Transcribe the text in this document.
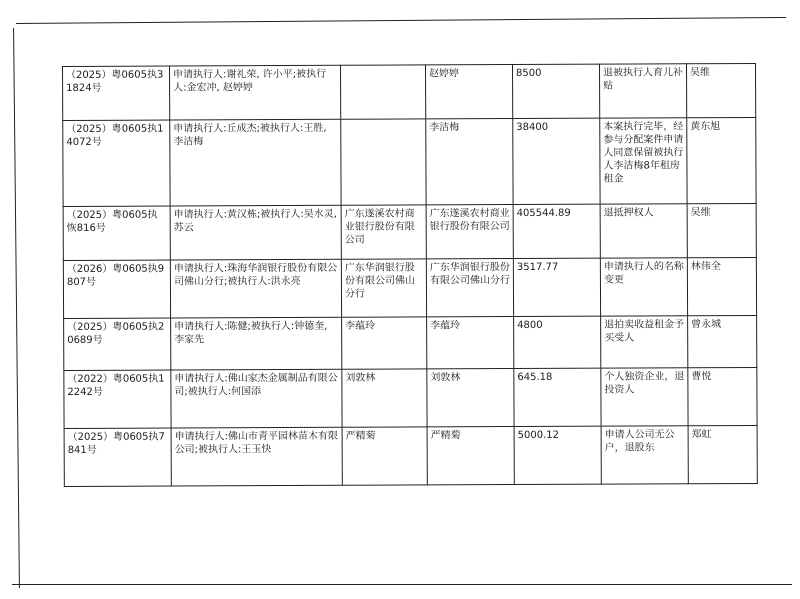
（2025）粤0605执31824号	申请执行人:谢礼荣, 许小平;被执行人:金宏冲, 赵婷婷		赵婷婷	8500	退被执行人育儿补贴	吴维
（2025）粤0605执14072号	申请执行人:丘成杰;被执行人:王胜, 李洁梅		李洁梅	38400	本案执行完毕，经参与分配案件申请人同意保留被执行人李洁梅8年租房租金	黄东旭
（2025）粤0605执恢816号	申请执行人:黄汉栋;被执行人:吴水灵, 苏云	广东遂溪农村商业银行股份有限公司	广东遂溪农村商业银行股份有限公司	405544.89	退抵押权人	吴维
（2026）粤0605执9807号	申请执行人:珠海华润银行股份有限公司佛山分行;被执行人:洪永亮	广东华润银行股份有限公司佛山分行	广东华润银行股份有限公司佛山分行	3517.77	申请执行人的名称变更	林伟全
（2025）粤0605执20689号	申请执行人:陈健;被执行人:钟德奎, 李家先	李蕴玲	李蕴玲	4800	退拍卖收益租金予买受人	曾永城
（2022）粤0605执12242号	申请执行人:佛山家杰金属制品有限公司;被执行人:何国添	刘敦林	刘敦林	645.18	个人独资企业，退投资人	曹悦
（2025）粤0605执7841号	申请执行人:佛山市青平园林苗木有限公司;被执行人:王玉快	严精菊	严精菊	5000.12	申请人公司无公户，退股东	郑虹
